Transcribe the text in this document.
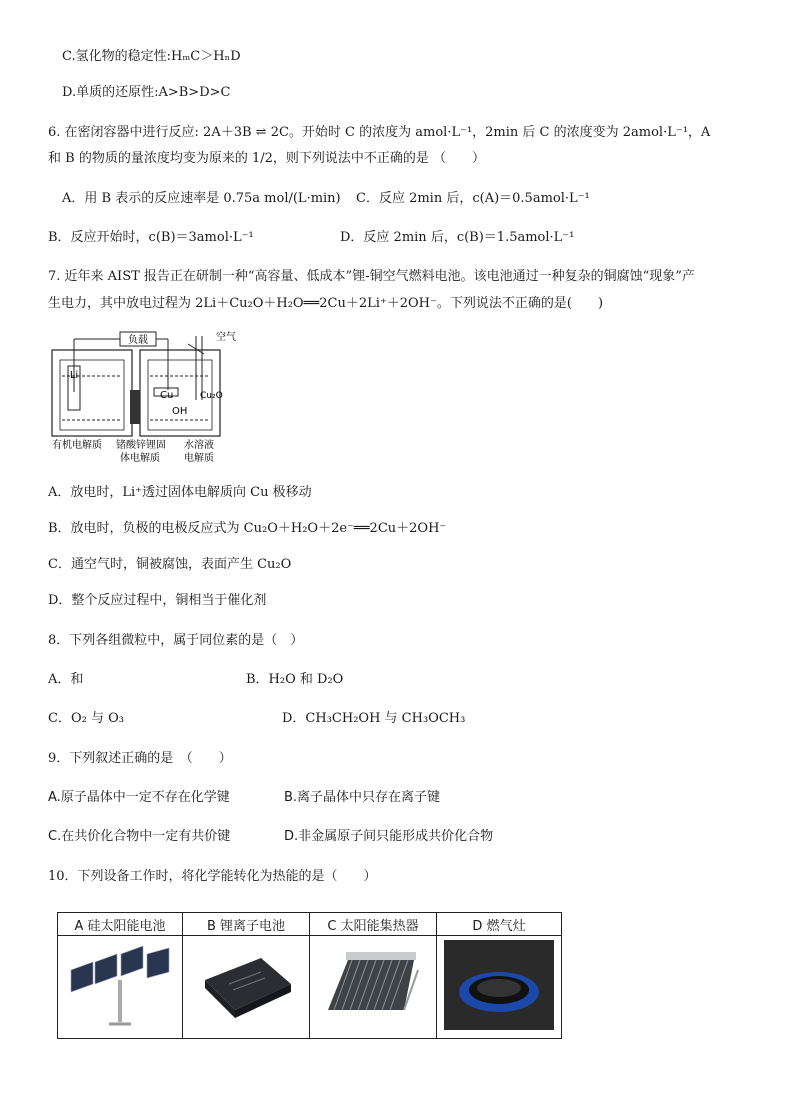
C.氢化物的稳定性:HₘC＞HₙD
D.单质的还原性:A>B>D>C
6. 在密闭容器中进行反应: 2A＋3B ⇌ 2C。开始时 C 的浓度为 amol·L⁻¹，2min 后 C 的浓度变为 2amol·L⁻¹，A
和 B 的物质的量浓度均变为原来的 1/2，则下列说法中不正确的是 （　　）
A．用 B 表示的反应速率是 0.75a mol/(L·min) C．反应 2min 后，c(A)＝0.5amol·L⁻¹
B．反应开始时，c(B)＝3amol·L⁻¹	D．反应 2min 后，c(B)＝1.5amol·L⁻¹
7. 近年来 AIST 报告正在研制一种“高容量、低成本”锂-铜空气燃料电池。该电池通过一种复杂的铜腐蚀“现象”产
生电力，其中放电过程为 2Li＋Cu₂O＋H₂O══2Cu＋2Li⁺＋2OH⁻。下列说法不正确的是(　　)
负载	空气
Li
Cu
OH
Cu₂O
有机电解质 锗酸锌锂固
体电解质
水溶液
电解质
A．放电时，Li⁺透过固体电解质向 Cu 极移动
B．放电时，负极的电极反应式为 Cu₂O＋H₂O＋2e⁻══2Cu＋2OH⁻
C．通空气时，铜被腐蚀，表面产生 Cu₂O
D．整个反应过程中，铜相当于催化剂
8．下列各组微粒中，属于同位素的是（　）
A．和	B．H₂O 和 D₂O
C．O₂ 与 O₃	D．CH₃CH₂OH 与 CH₃OCH₃
9．下列叙述正确的是　（　　）
A.原子晶体中一定不存在化学键	B.离子晶体中只存在离子键
C.在共价化合物中一定有共价键	D.非金属原子间只能形成共价化合物
10．下列设备工作时，将化学能转化为热能的是（　　）
A 硅太阳能电池	B 锂离子电池	C 太阳能集热器	D 燃气灶
